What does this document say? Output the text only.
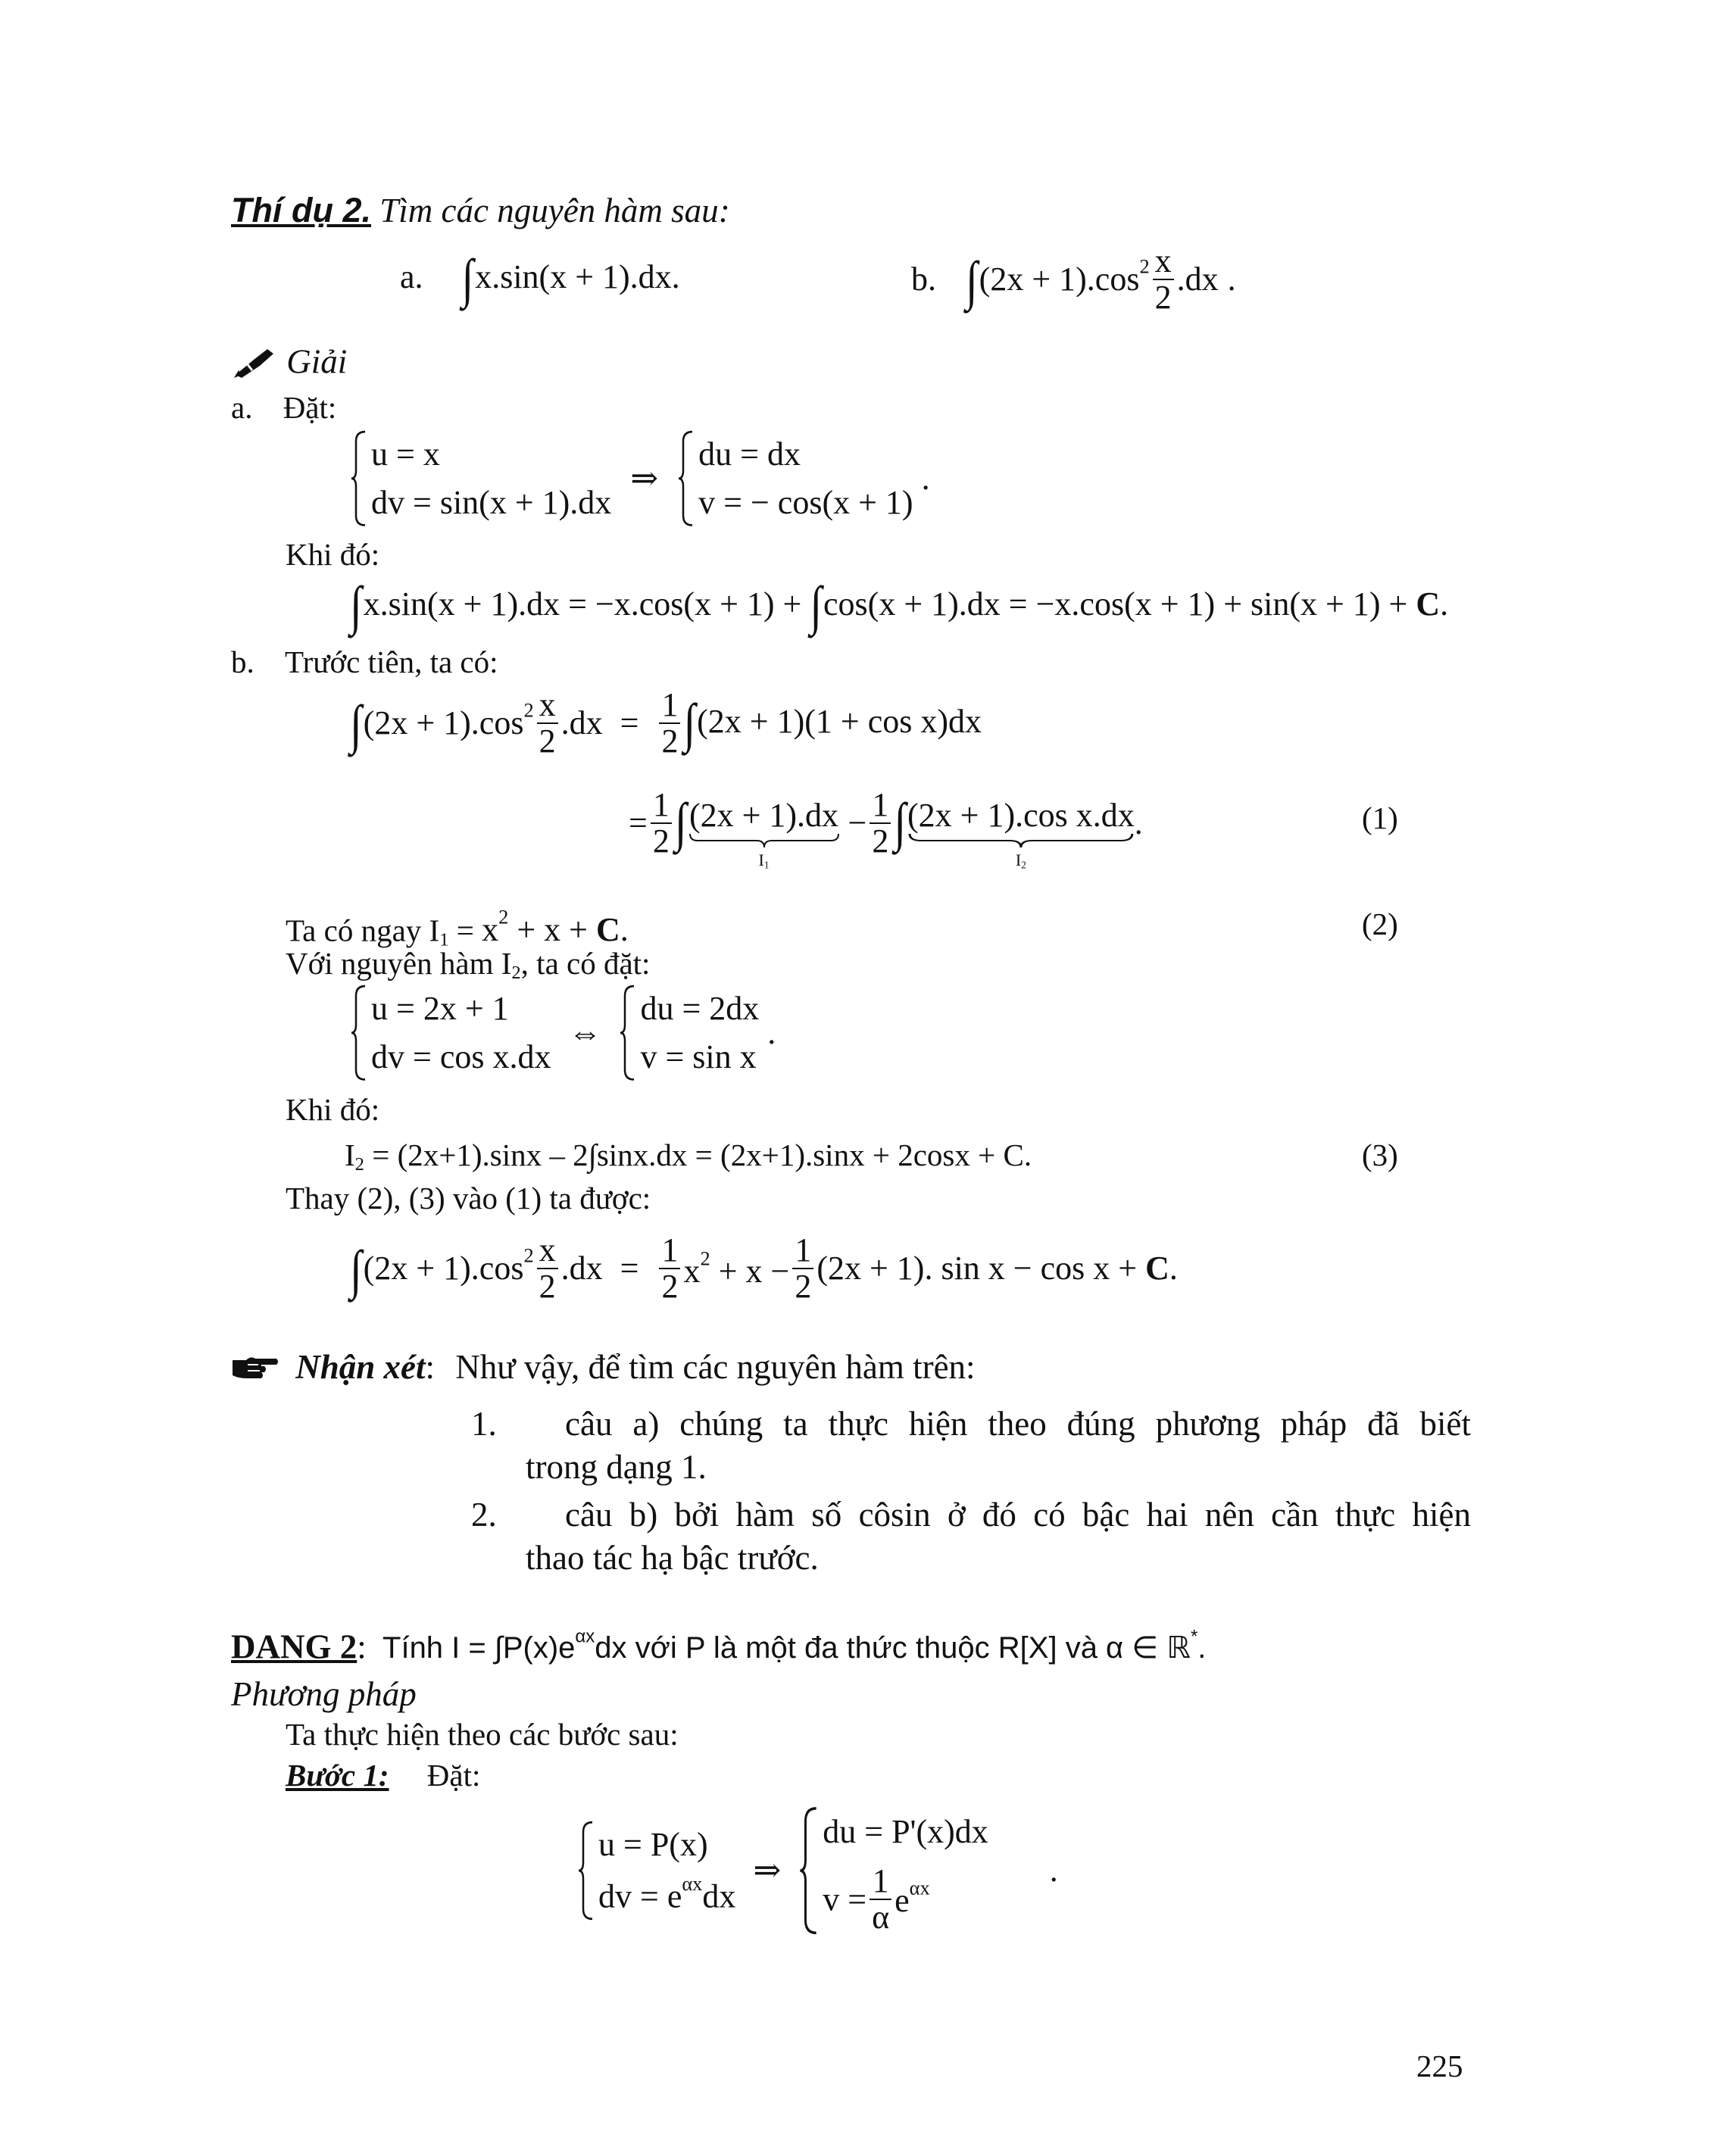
Thí dụ 2. Tìm các nguyên hàm sau:
a. ∫x.sin(x + 1).dx.	b. $\int(2x + 1).\cos^2 \frac{x}{2} .dx$ .
Giải
a. Đặt:
u = x
dv = sin(x + 1).dx
⇒
du = dx
v = − cos(x + 1)
.
Khi đó:
∫x.sin(x + 1).dx = −x.cos(x + 1) + ∫cos(x + 1).dx = −x.cos(x + 1) + sin(x + 1) + C.
b. Trước tiên, ta có:
$\int(2x + 1).\cos^2 \frac{x}{2} .dx = \frac{1}{2} \int(2x + 1)(1 + \cos x)dx$
= $\frac{1}{2} \int(2x + 1).dx$
$I_1$
− $\frac{1}{2} \int(2x + 1).\cos$ x.dx
$I_2$
.	(1)
Ta có ngay $I_1 = x^2 + x + C$.	(2)
Với nguyên hàm $I_2$, ta có đặt:
u = 2x + 1
dv = cos x.dx
⇔
du = 2dx
v = sin x
.
Khi đó:
$I_2 = (2x+1).\sin x - 2\int\sin x.dx = (2x+1).\sin x + 2\cos x + C$.	(3)
Thay (2), (3) vào (1) ta được:
$\int(2x + 1).\cos^2 \frac{x}{2} .dx = \frac{1}{2} x^2 + x - \frac{1}{2} (2x + 1)$. sin x − cos x + C.
Nhận xét: Như vậy, để tìm các nguyên hàm trên:
1. câu a) chúng ta thực hiện theo đúng phương pháp đã biết
trong dạng 1.
2. câu b) bởi hàm số côsin ở đó có bậc hai nên cần thực hiện
thao tác hạ bậc trước.
DANG 2: Tính $I = \int P(x)e^{\alpha x}dx$ với P là một đa thức thuộc R[X] và α ∈ ℝ*.
Phương pháp
Ta thực hiện theo các bước sau:
Bước 1: Đặt:
u = P(x)
dv = $e^{\alpha x}dx$
⇒
du = P'(x)dx
$v = \frac{1}{\alpha} e^{\alpha x}$	.
225
